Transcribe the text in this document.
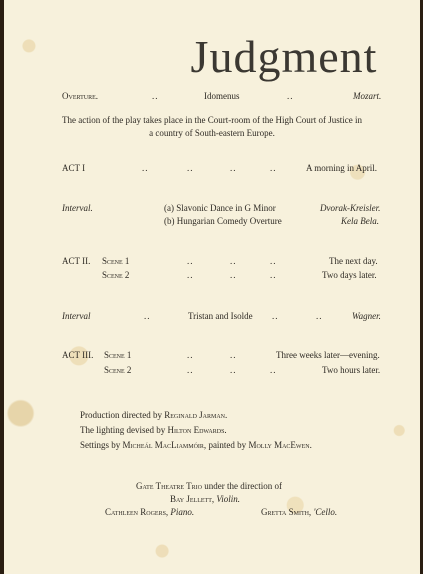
Judgment
Overture.	..	Idomenus	..	Mozart.
The action of the play takes place in the Court-room of the High Court of Justice in
a country of South-eastern Europe.
ACT I	..	..	..	..	A morning in April.
Interval.	(a) Slavonic Dance in G Minor	Dvorak-Kreisler.
(b) Hungarian Comedy Overture	Kela Bela.
ACT II. Scene 1	..	..	..	The next day.
Scene 2	..	..	..	Two days later.
Interval	..	Tristan and Isolde ..	..	Wagner.
ACT III. Scene 1	..	..	Three weeks later—evening.
Scene 2	..	..	..	Two hours later.
Production directed by Reginald Jarman.
The lighting devised by Hilton Edwards.
Settings by Micheál MacLiammóir, painted by Molly MacEwen.
Gate Theatre Trio under the direction of
Bay Jellett, Violin.
Cathleen Rogers, Piano.	Gretta Smith, 'Cello.
